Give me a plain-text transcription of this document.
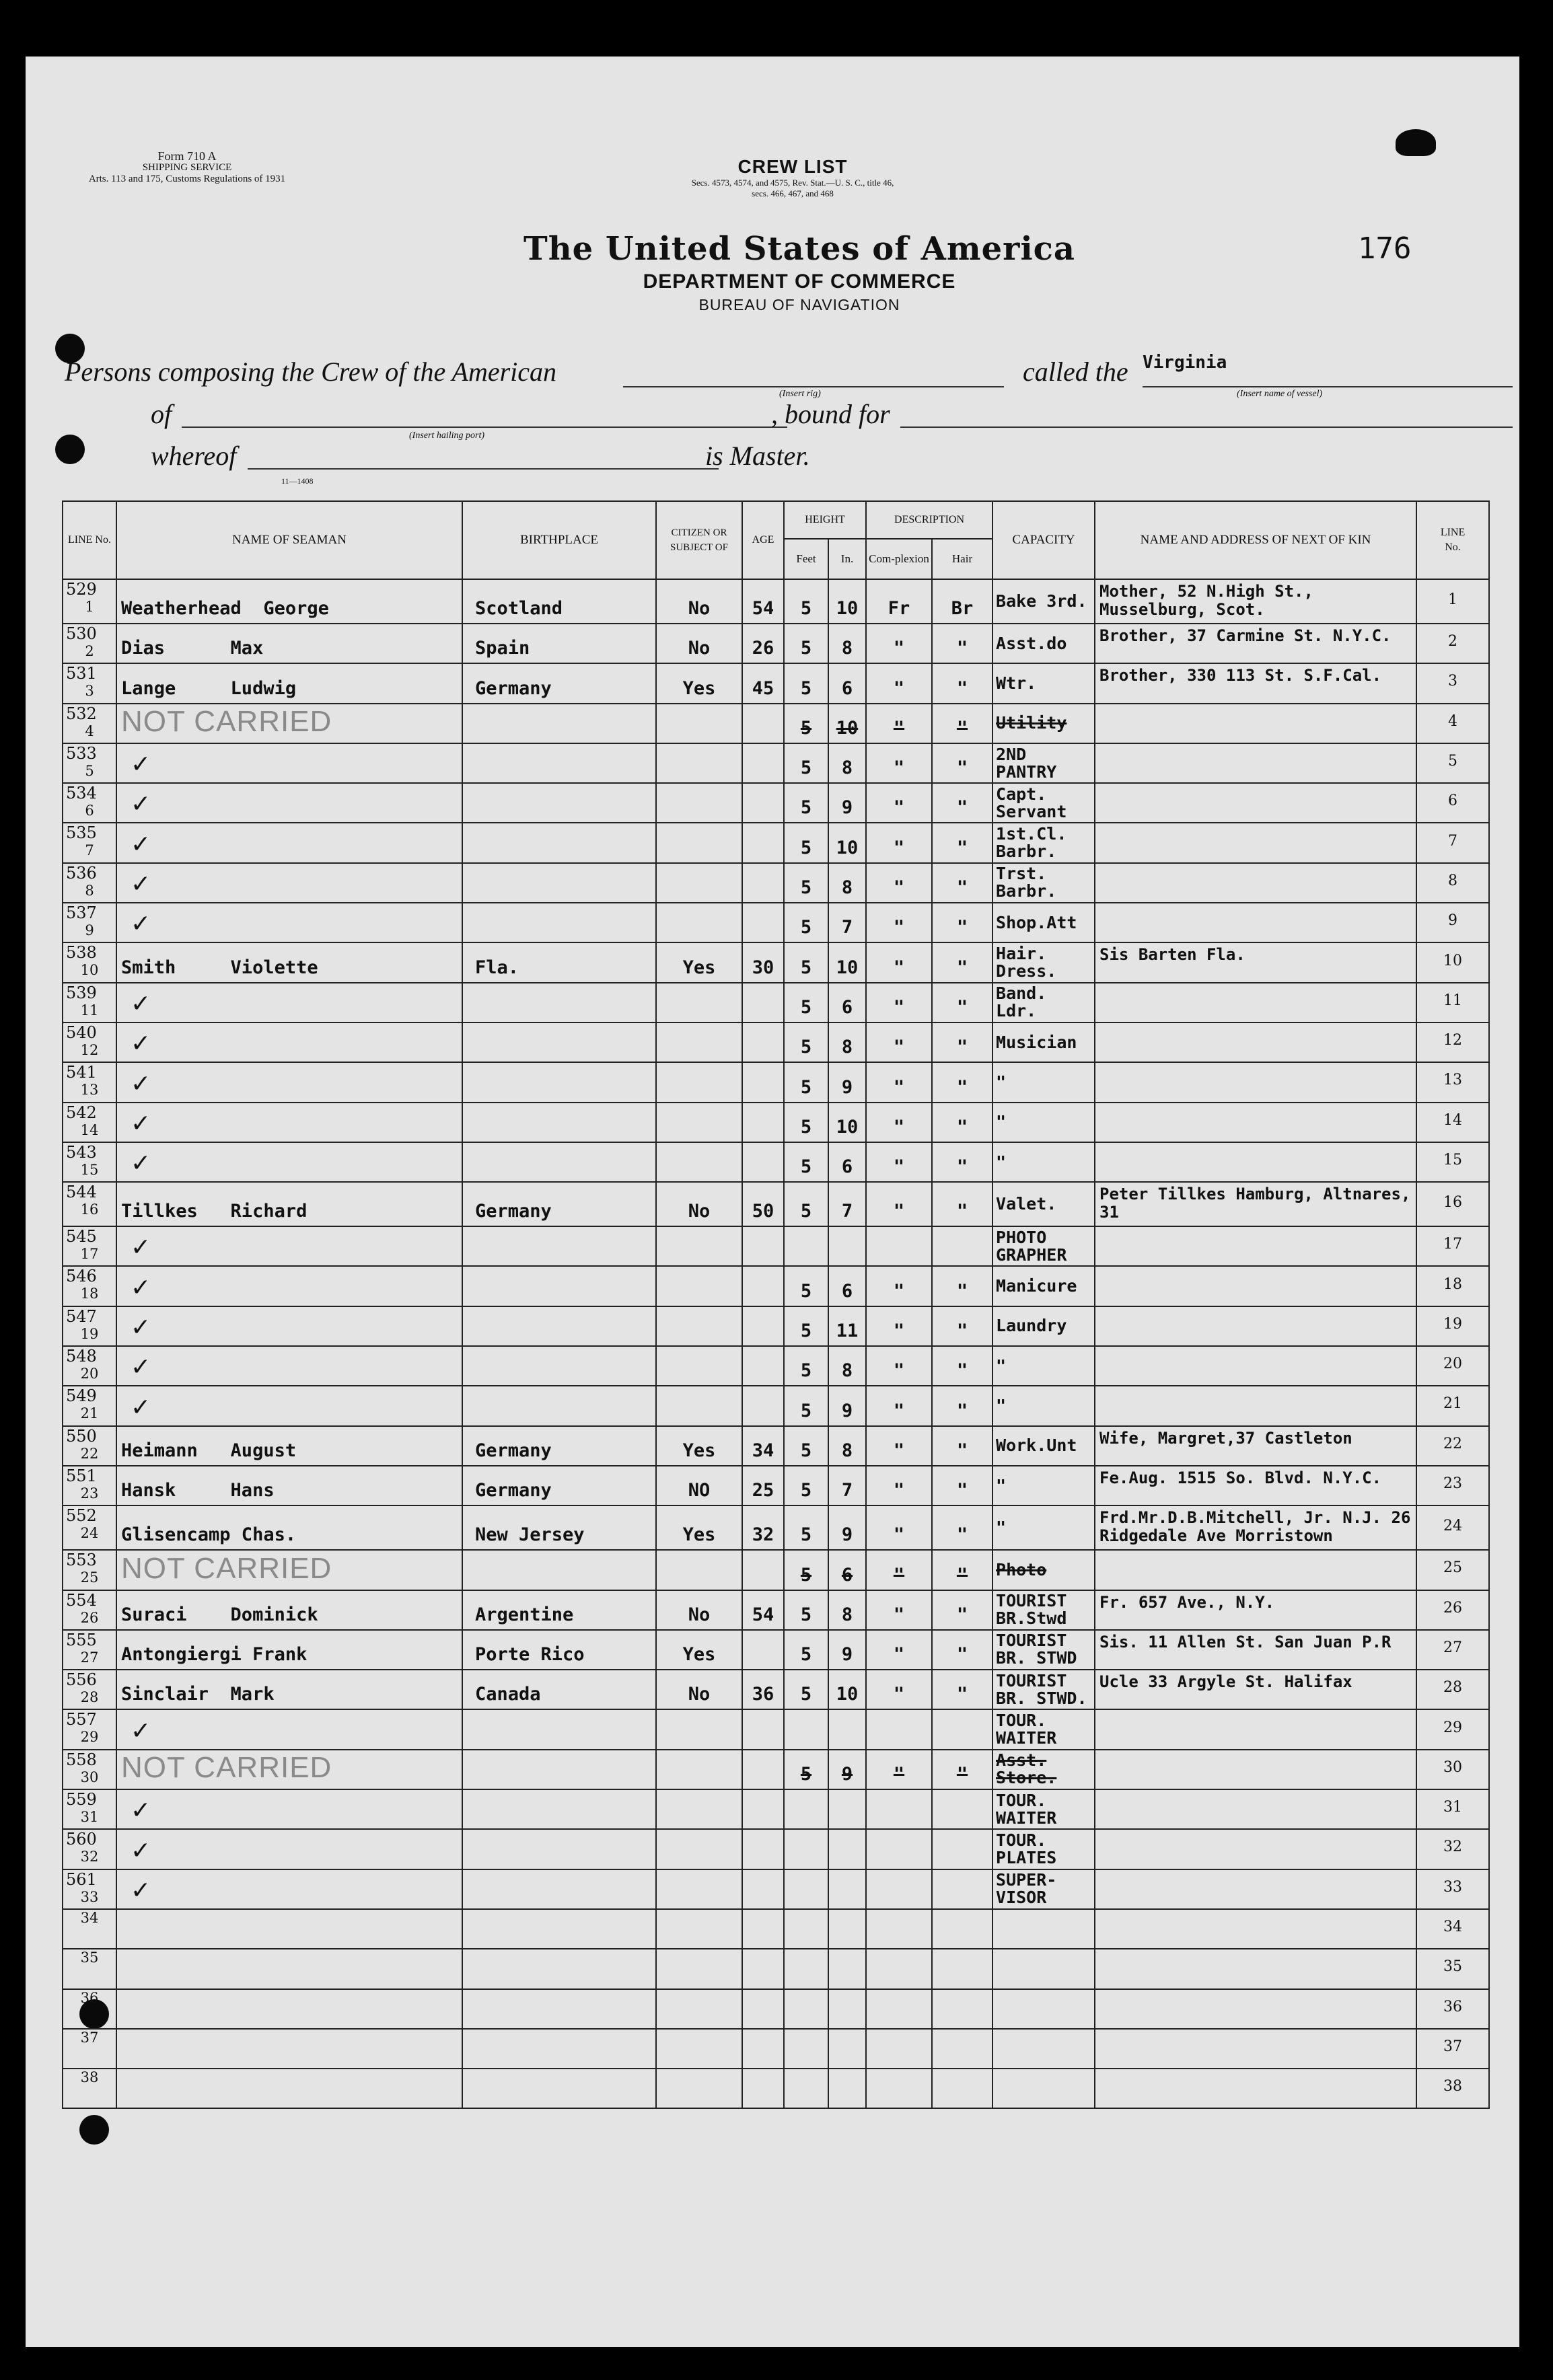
Form 710 A
SHIPPING SERVICE
Arts. 113 and 175, Customs Regulations of 1931
CREW LIST
Secs. 4573, 4574, and 4575, Rev. Stat.—U. S. C., title 46,
secs. 466, 467, and 468
176
The United States of America
DEPARTMENT OF COMMERCE
BUREAU OF NAVIGATION
Persons composing the Crew of the American
(Insert rig)
called the Virginia
(Insert name of vessel)
of
(Insert hailing port)
, bound for
whereof	is Master.
11—1408
LINE No.	NAME OF SEAMAN	BIRTHPLACE	CITIZEN OR SUBJECT OF	AGE	HEIGHT		DESCRIPTION		CAPACITY	NAME AND ADDRESS OF NEXT OF KIN	LINE No.
					Feet	In.	Com-plexion	Hair			

529
1	Weatherhead  George	Scotland	No	54	5	10	Fr	Br	Bake 3rd.	Mother, 52 N.High St., Musselburg, Scot.	1

530
2	Dias      Max	Spain	No	26	5	8	"	"	Asst.do	Brother, 37 Carmine St. N.Y.C.	2

531
3	Lange     Ludwig	Germany	Yes	45	5	6	"	"	Wtr.	Brother, 330 113 St. S.F.Cal.	3

532
4	NOT CARRIED				5	10	"	"	Utility		4

533
5	✓				5	8	"	"	2ND PANTRY		5

534
6	✓				5	9	"	"	Capt. Servant		6

535
7	✓				5	10	"	"	1st.Cl. Barbr.		7

536
8	✓				5	8	"	"	Trst. Barbr.		8

537
9	✓				5	7	"	"	Shop.Att		9

538
10	Smith     Violette	Fla.	Yes	30	5	10	"	"	Hair. Dress.	Sis Barten Fla.	10

539
11	✓				5	6	"	"	Band. Ldr.		11

540
12	✓				5	8	"	"	Musician		12

541
13	✓				5	9	"	"	"		13

542
14	✓				5	10	"	"	"		14

543
15	✓				5	6	"	"	"		15

544
16	Tillkes   Richard	Germany	No	50	5	7	"	"	Valet.	Peter Tillkes Hamburg, Altnares, 31	16

545
17	✓								PHOTO GRAPHER		17

546
18	✓				5	6	"	"	Manicure		18

547
19	✓				5	11	"	"	Laundry		19

548
20	✓				5	8	"	"	"		20

549
21	✓				5	9	"	"	"		21

550
22	Heimann   August	Germany	Yes	34	5	8	"	"	Work.Unt	Wife, Margret,37 Castleton	22

551
23	Hansk     Hans	Germany	NO	25	5	7	"	"	"	Fe.Aug. 1515 So. Blvd. N.Y.C.	23

552
24	Glisencamp Chas.	New Jersey	Yes	32	5	9	"	"	"	Frd.Mr.D.B.Mitchell, Jr. N.J. 26 Ridgedale Ave Morristown	24

553
25	NOT CARRIED				5	6	"	"	Photo		25

554
26	Suraci    Dominick	Argentine	No	54	5	8	"	"	TOURIST BR.Stwd	Fr. 657 Ave., N.Y.	26

555
27	Antongiergi Frank	Porte Rico	Yes		5	9	"	"	TOURIST BR. STWD	Sis. 11 Allen St. San Juan P.R	27

556
28	Sinclair  Mark	Canada	No	36	5	10	"	"	TOURIST BR. STWD.	Ucle 33 Argyle St. Halifax	28

557
29	✓								TOUR. WAITER		29

558
30	NOT CARRIED				5	9	"	"	Asst. Store.		30

559
31	✓								TOUR. WAITER		31

560
32	✓								TOUR. PLATES		32

561
33	✓								SUPER- VISOR		33

34											34

35											35

36											36

37											37

38											38
